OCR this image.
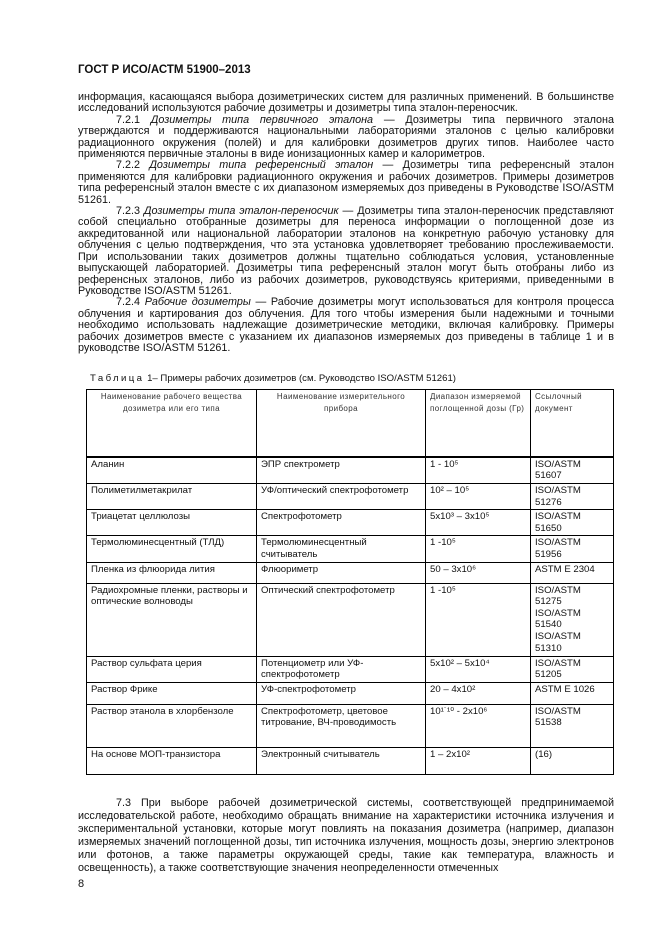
ГОСТ Р ИСО/АСТМ 51900–2013

информация, касающаяся выбора дозиметрических систем для различных применений. В большинстве исследований используются рабочие дозиметры и дозиметры типа эталон-переносчик.

7.2.1 Дозиметры типа первичного эталона — Дозиметры типа первичного эталона утверждаются и поддерживаются национальными лабораториями эталонов с целью калибровки радиационного окружения (полей) и для калибровки дозиметров других типов. Наиболее часто применяются первичные эталоны в виде ионизационных камер и калориметров.

7.2.2 Дозиметры типа референсный эталон — Дозиметры типа референсный эталон применяются для калибровки радиационного окружения и рабочих дозиметров. Примеры дозиметров типа референсный эталон вместе с их диапазоном измеряемых доз приведены в Руководстве ISO/ASTM 51261.

7.2.3 Дозиметры типа эталон-переносчик — Дозиметры типа эталон-переносчик представляют собой специально отобранные дозиметры для переноса информации о поглощенной дозе из аккредитованной или национальной лаборатории эталонов на конкретную рабочую установку для облучения с целью подтверждения, что эта установка удовлетворяет требованию прослеживаемости. При использовании таких дозиметров должны тщательно соблюдаться условия, установленные выпускающей лабораторией. Дозиметры типа референсный эталон могут быть отобраны либо из референсных эталонов, либо из рабочих дозиметров, руководствуясь критериями, приведенными в Руководстве ISO/ASTM 51261.

7.2.4 Рабочие дозиметры — Рабочие дозиметры могут использоваться для контроля процесса облучения и картирования доз облучения. Для того чтобы измерения были надежными и точными необходимо использовать надлежащие дозиметрические методики, включая калибровку. Примеры рабочих дозиметров вместе с указанием их диапазонов измеряемых доз приведены в таблице 1 и в руководстве ISO/ASTM 51261.

Таблица 1– Примеры рабочих дозиметров (см. Руководство ISO/ASTM 51261)
Наименование рабочего вещества дозиметра или его типа	Наименование измерительного прибора	Диапазон измеряемой поглощенной дозы (Гр)	Ссылочный документ
Аланин	ЭПР спектрометр	1 - 10⁵	ISO/ASTM 51607
Полиметилметакрилат	УФ/оптический спектрофотометр	10² – 10⁵	ISO/ASTM 51276
Триацетат целлюлозы	Спектрофотометр	5x10³ – 3x10⁵	ISO/ASTM 51650
Термолюминесцентный (ТЛД)	Термолюминесцентный считыватель	1 -10⁵	ISO/ASTM 51956
Пленка из флюорида лития	Флюориметр	50 – 3x10⁶	ASTM E 2304
Радиохромные пленки, растворы и оптические волноводы	Оптический спектрофотометр	1 -10⁵	ISO/ASTM 51275 ISO/ASTM 51540 ISO/ASTM 51310
Раствор сульфата церия	Потенциометр или УФ-спектрофотометр	5x10² – 5x10⁴	ISO/ASTM 51205
Раствор Фрике	УФ-спектрофотометр	20 – 4x10²	ASTM E 1026
Раствор этанола в хлорбензоле	Спектрофотометр, цветовое титрование, ВЧ-проводимость	10¹˙¹⁰ - 2x10⁶	ISO/ASTM 51538
На основе МОП-транзистора	Электронный считыватель	1 – 2x10²	(16)

7.3 При выборе рабочей дозиметрической системы, соответствующей предпринимаемой исследовательской работе, необходимо обращать внимание на характеристики источника излучения и экспериментальной установки, которые могут повлиять на показания дозиметра (например, диапазон измеряемых значений поглощенной дозы, тип источника излучения, мощность дозы, энергию электронов или фотонов, а также параметры окружающей среды, такие как температура, влажность и освещенность), а также соответствующие значения неопределенности отмеченных

8
